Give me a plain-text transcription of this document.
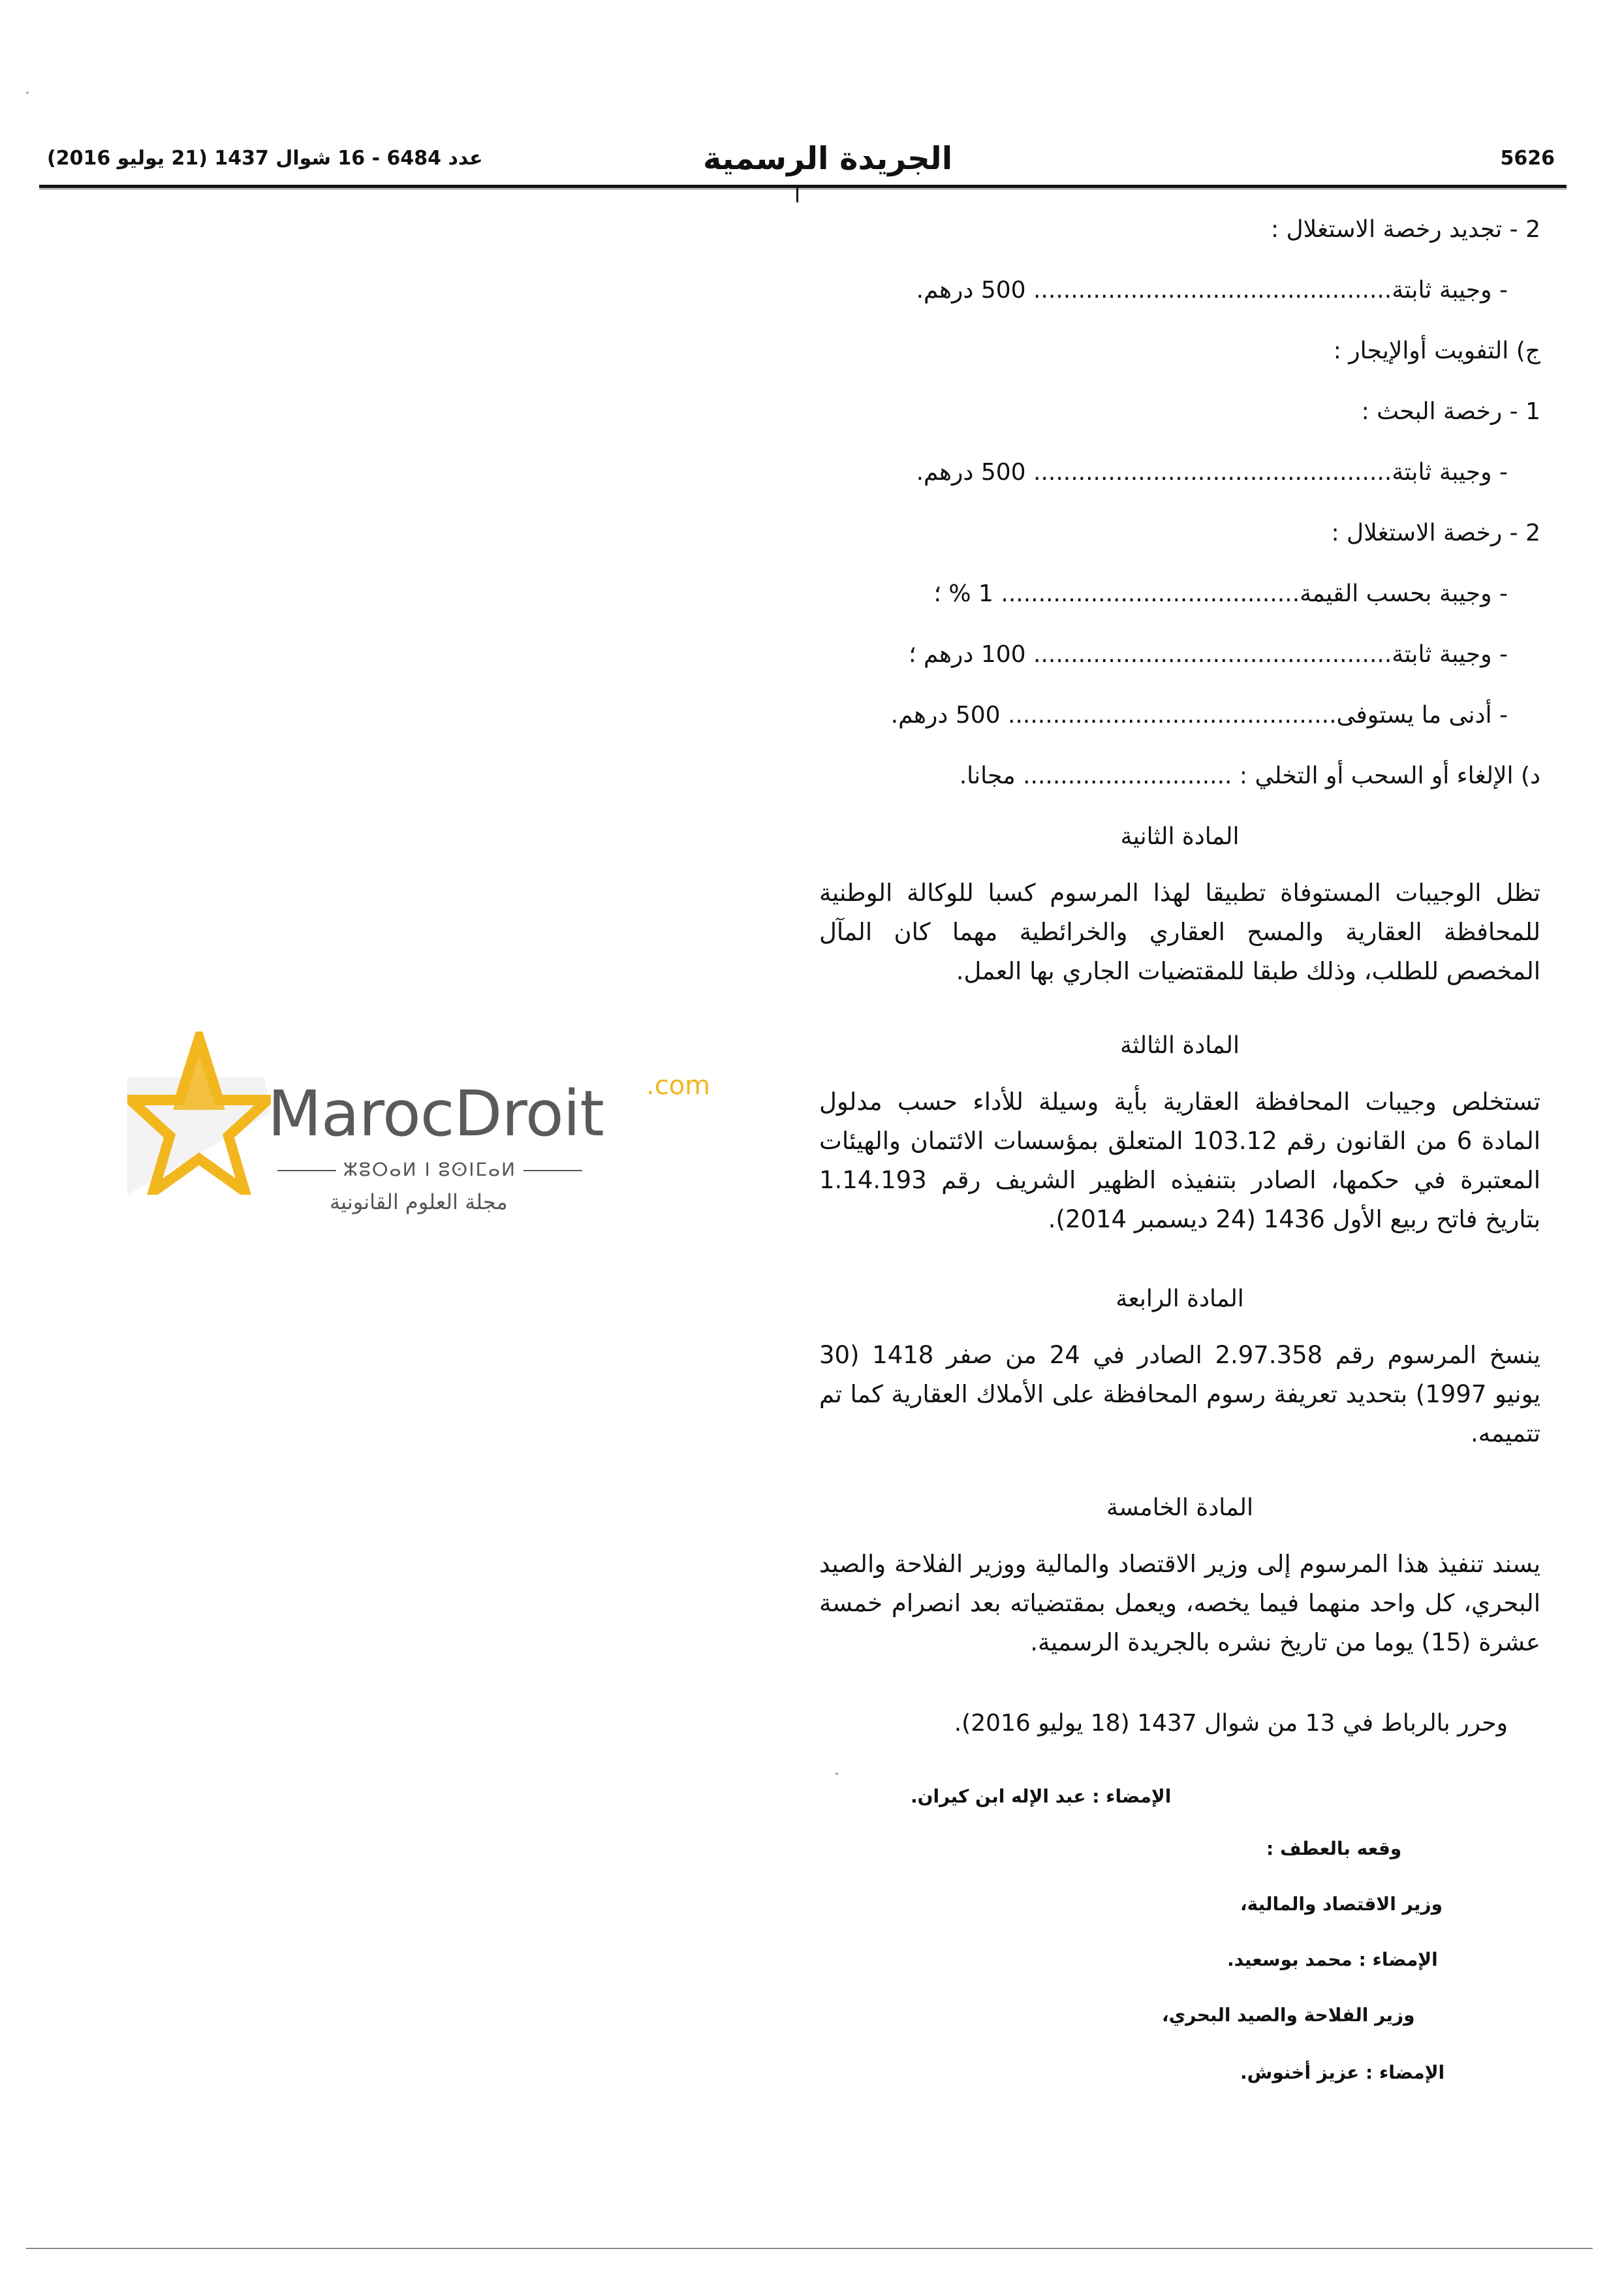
عدد 6484 - 16 شوال 1437 (21 يوليو 2016)	الجريدة الرسمية	5626
2 - تجديد رخصة الاستغلال :
- وجيبة ثابتة................................................ 500 درهم.
ج) التفويت أوالإيجار :
1 - رخصة البحث :
- وجيبة ثابتة................................................ 500 درهم.
2 - رخصة الاستغلال :
- وجيبة بحسب القيمة........................................ 1 % ؛
- وجيبة ثابتة................................................ 100 درهم ؛
- أدنى ما يستوفى............................................ 500 درهم.
د) الإلغاء أو السحب أو التخلي : ............................ مجانا.
المادة الثانية
تظل الوجيبات المستوفاة تطبيقا لهذا المرسوم كسبا للوكالة الوطنية للمحافظة العقارية والمسح العقاري والخرائطية مهما كان المآل المخصص للطلب، وذلك طبقا للمقتضيات الجاري بها العمل.
المادة الثالثة
تستخلص وجيبات المحافظة العقارية بأية وسيلة للأداء حسب مدلول المادة 6 من القانون رقم 103.12 المتعلق بمؤسسات الائتمان والهيئات المعتبرة في حكمها، الصادر بتنفيذه الظهير الشريف رقم 1.14.193 بتاريخ فاتح ربيع الأول 1436 (24 ديسمبر 2014).
المادة الرابعة
ينسخ المرسوم رقم 2.97.358 الصادر في 24 من صفر 1418 (30 يونيو 1997) بتحديد تعريفة رسوم المحافظة على الأملاك العقارية كما تم تتميمه.
المادة الخامسة
يسند تنفيذ هذا المرسوم إلى وزير الاقتصاد والمالية ووزير الفلاحة والصيد البحري، كل واحد منهما فيما يخصه، ويعمل بمقتضياته بعد انصرام خمسة عشرة (15) يوما من تاريخ نشره بالجريدة الرسمية.
وحرر بالرباط في 13 من شوال 1437 (18 يوليو 2016).
الإمضاء : عبد الإله ابن كيران.
وقعه بالعطف :
وزير الاقتصاد والمالية،
الإمضاء : محمد بوسعيد.
وزير الفلاحة والصيد البحري،
الإمضاء : عزيز أخنوش.
MarocDroit .com
ⵣⵓⵔⴰⵍ ⵏ ⵓⵙⵏⵎⴰⵍ
مجلة العلوم القانونية
